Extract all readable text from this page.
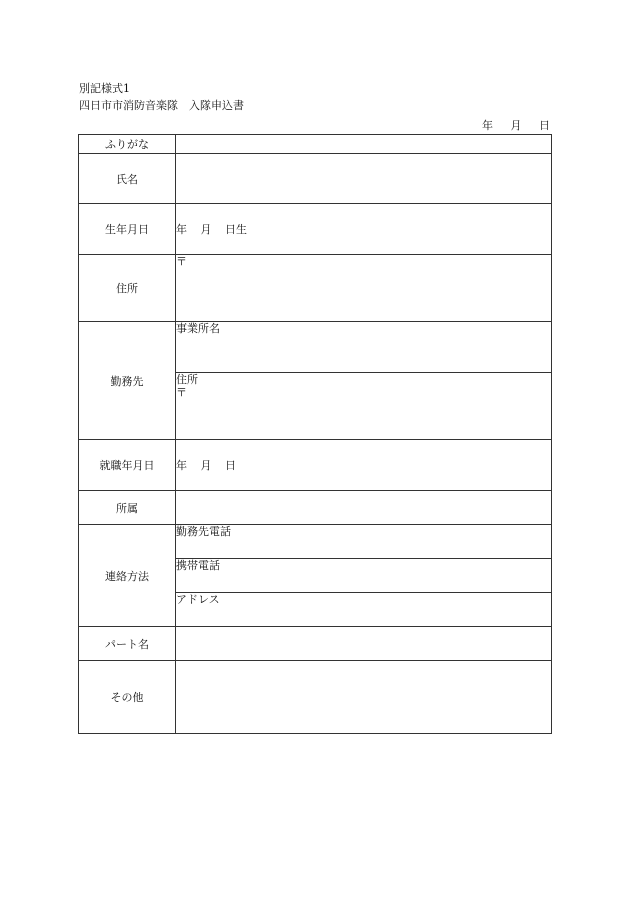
別記様式1
四日市市消防音楽隊　入隊申込書
年 月 日
ふりがな	
氏名	
生年月日	年 月 日生
住所	〒

勤務先	事業所名

	住所
〒

就職年月日	年 月 日
所属	
連絡方法	勤務先電話

	携帯電話

	アドレス

パート名	
その他	
